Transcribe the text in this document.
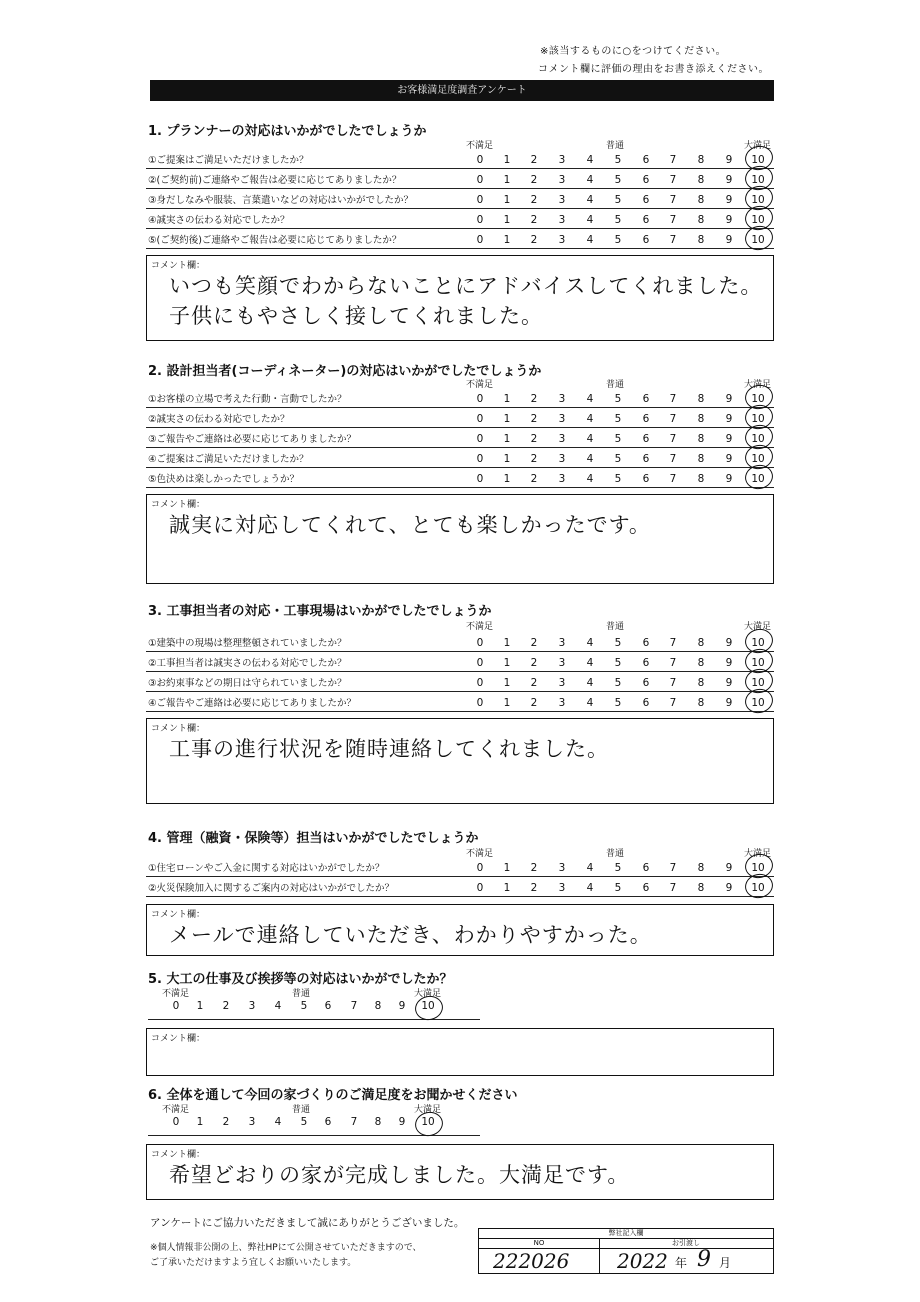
※該当するものに○をつけてください。
コメント欄に評価の理由をお書き添えください。
お客様満足度調査アンケート
1. プランナーの対応はいかがでしたでしょうか
不満足	普通	大満足
①ご提案はご満足いただけましたか？	0	1	2	3	4	5	6	7	8	9	10
②(ご契約前)ご連絡やご報告は必要に応じてありましたか？	0	1	2	3	4	5	6	7	8	9	10
③身だしなみや服装、言葉遣いなどの対応はいかがでしたか？	0	1	2	3	4	5	6	7	8	9	10
④誠実さの伝わる対応でしたか？	0	1	2	3	4	5	6	7	8	9	10
⑤(ご契約後)ご連絡やご報告は必要に応じてありましたか？	0	1	2	3	4	5	6	7	8	9	10
コメント欄：
いつも笑顔でわからないことにアドバイスしてくれました。
子供にもやさしく接してくれました。
2. 設計担当者(コーディネーター)の対応はいかがでしたでしょうか
不満足	普通	大満足
①お客様の立場で考えた行動・言動でしたか？	0	1	2	3	4	5	6	7	8	9	10
②誠実さの伝わる対応でしたか？	0	1	2	3	4	5	6	7	8	9	10
③ご報告やご連絡は必要に応じてありましたか？	0	1	2	3	4	5	6	7	8	9	10
④ご提案はご満足いただけましたか？	0	1	2	3	4	5	6	7	8	9	10
⑤色決めは楽しかったでしょうか？	0	1	2	3	4	5	6	7	8	9	10
コメント欄：
誠実に対応してくれて、とても楽しかったです。
3. 工事担当者の対応・工事現場はいかがでしたでしょうか
不満足	普通	大満足
①建築中の現場は整理整頓されていましたか？	0	1	2	3	4	5	6	7	8	9	10
②工事担当者は誠実さの伝わる対応でしたか？	0	1	2	3	4	5	6	7	8	9	10
③お約束事などの期日は守られていましたか？	0	1	2	3	4	5	6	7	8	9	10
④ご報告やご連絡は必要に応じてありましたか？	0	1	2	3	4	5	6	7	8	9	10
コメント欄：
工事の進行状況を随時連絡してくれました。
4. 管理（融資・保険等）担当はいかがでしたでしょうか
不満足	普通	大満足
①住宅ローンやご入金に関する対応はいかがでしたか？	0	1	2	3	4	5	6	7	8	9	10
②火災保険加入に関するご案内の対応はいかがでしたか？	0	1	2	3	4	5	6	7	8	9	10
コメント欄：
メールで連絡していただき、わかりやすかった。
5. 大工の仕事及び挨拶等の対応はいかがでしたか？
不満足	普通	大満足
0	1	2	3	4	5	6	7	8	9	10
コメント欄：
6. 全体を通して今回の家づくりのご満足度をお聞かせください
不満足	普通	大満足
0	1	2	3	4	5	6	7	8	9	10
コメント欄：
希望どおりの家が完成しました。大満足です。
アンケートにご協力いただきまして誠にありがとうございました。
※個人情報非公開の上、弊社HPにて公開させていただきますので、
ご了承いただけますよう宜しくお願いいたします。
弊社記入欄
NO	お引渡し
222026 2022 年 9 月
